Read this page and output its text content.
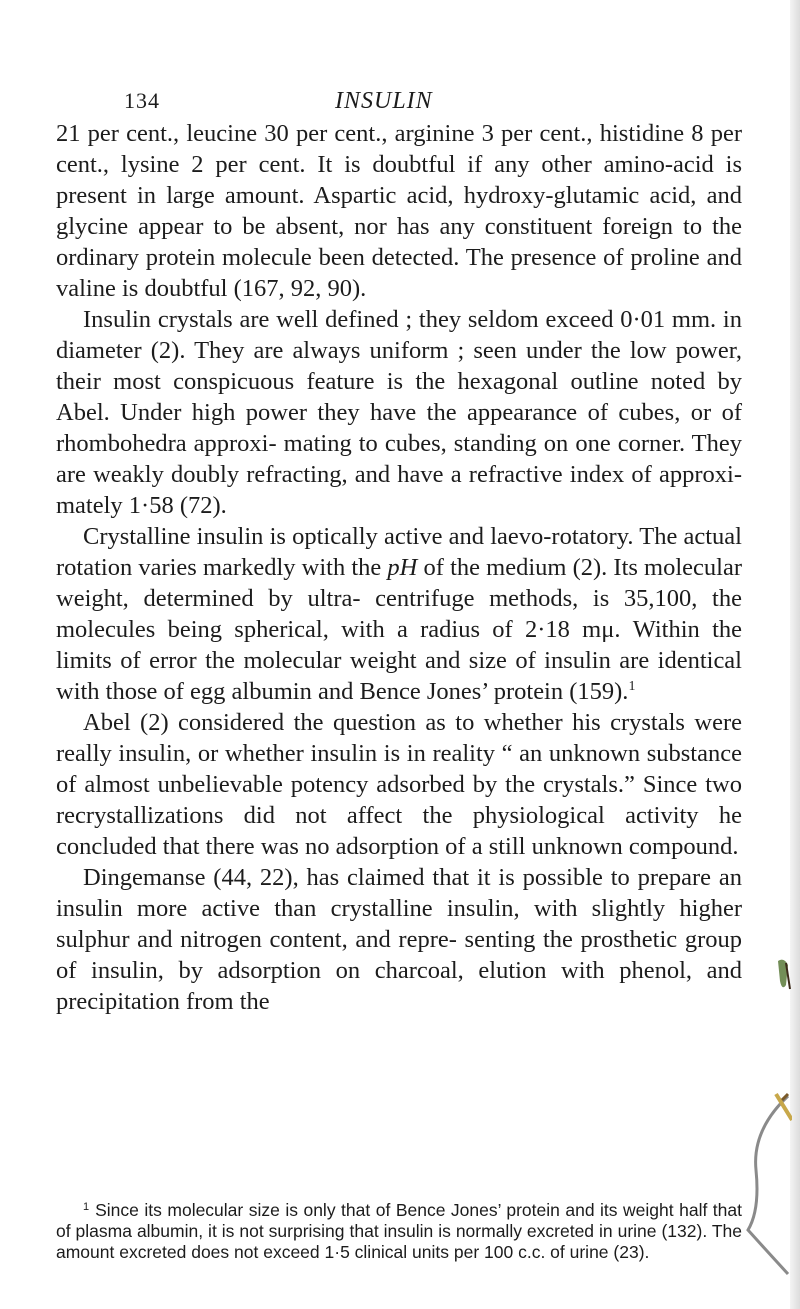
134	INSULIN

21 per cent., leucine 30 per cent., arginine 3 per cent., histidine 8 per cent., lysine 2 per cent. It is doubtful if any other amino-acid is present in large amount. Aspartic acid, hydroxy-glutamic acid, and glycine appear to be absent, nor has any constituent foreign to the ordinary protein molecule been detected. The presence of proline and valine is doubtful (167, 92, 90).

Insulin crystals are well defined ; they seldom exceed 0·01 mm. in diameter (2). They are always uniform ; seen under the low power, their most conspicuous feature is the hexagonal outline noted by Abel. Under high power they have the appearance of cubes, or of rhombohedra approxi- mating to cubes, standing on one corner. They are weakly doubly refracting, and have a refractive index of approxi- mately 1·58 (72).

Crystalline insulin is optically active and laevo-rotatory. The actual rotation varies markedly with the pH of the medium (2). Its molecular weight, determined by ultra- centrifuge methods, is 35,100, the molecules being spherical, with a radius of 2·18 mμ. Within the limits of error the molecular weight and size of insulin are identical with those of egg albumin and Bence Jones’ protein (159).$^1$

Abel (2) considered the question as to whether his crystals were really insulin, or whether insulin is in reality “ an unknown substance of almost unbelievable potency adsorbed by the crystals.” Since two recrystallizations did not affect the physiological activity he concluded that there was no adsorption of a still unknown compound.

Dingemanse (44, 22), has claimed that it is possible to prepare an insulin more active than crystalline insulin, with slightly higher sulphur and nitrogen content, and repre- senting the prosthetic group of insulin, by adsorption on charcoal, elution with phenol, and precipitation from the

$^1$ Since its molecular size is only that of Bence Jones’ protein and its weight half that of plasma albumin, it is not surprising that insulin is normally excreted in urine (132). The amount excreted does not exceed 1·5 clinical units per 100 c.c. of urine (23).
